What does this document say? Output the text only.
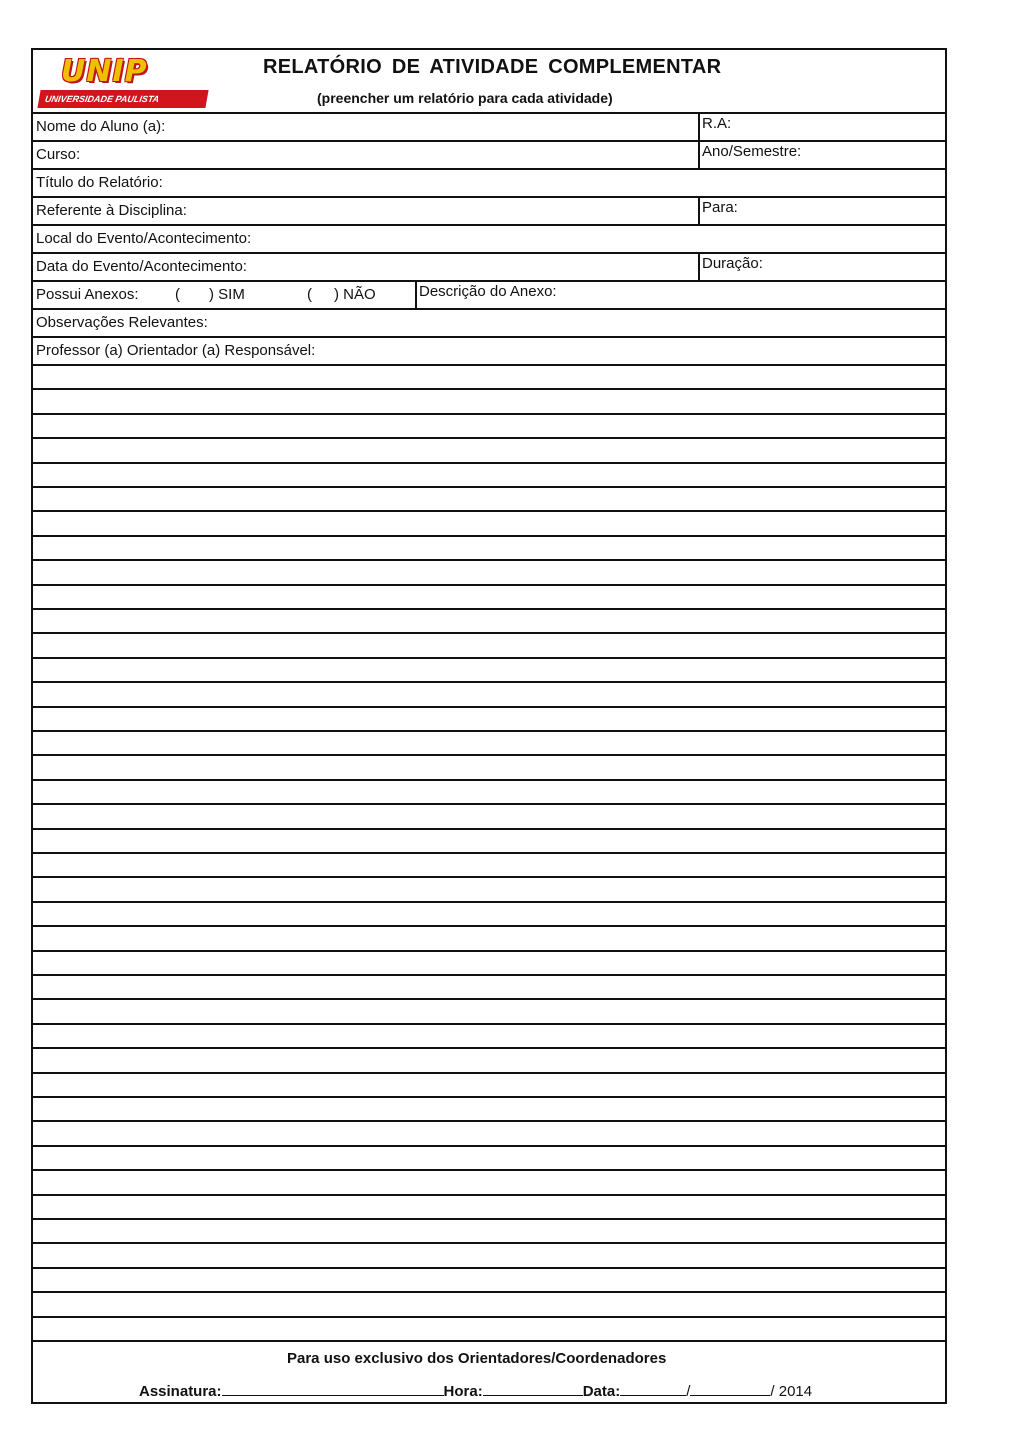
UNIP
UNIVERSIDADE PAULISTA
RELATÓRIO DE ATIVIDADE COMPLEMENTAR
(preencher um relatório para cada atividade)
Nome do Aluno (a):	R.A:
Curso:	Ano/Semestre:
Título do Relatório:
Referente à Disciplina:	Para:
Local do Evento/Acontecimento:
Data do Evento/Acontecimento:	Duração:
Possui Anexos: ( ) SIM	( ) NÃO	Descrição do Anexo:
Observações Relevantes:
Professor (a) Orientador (a) Responsável:
Para uso exclusivo dos Orientadores/Coordenadores
Assinatura:	Hora:	Data:	/	/ 2014
